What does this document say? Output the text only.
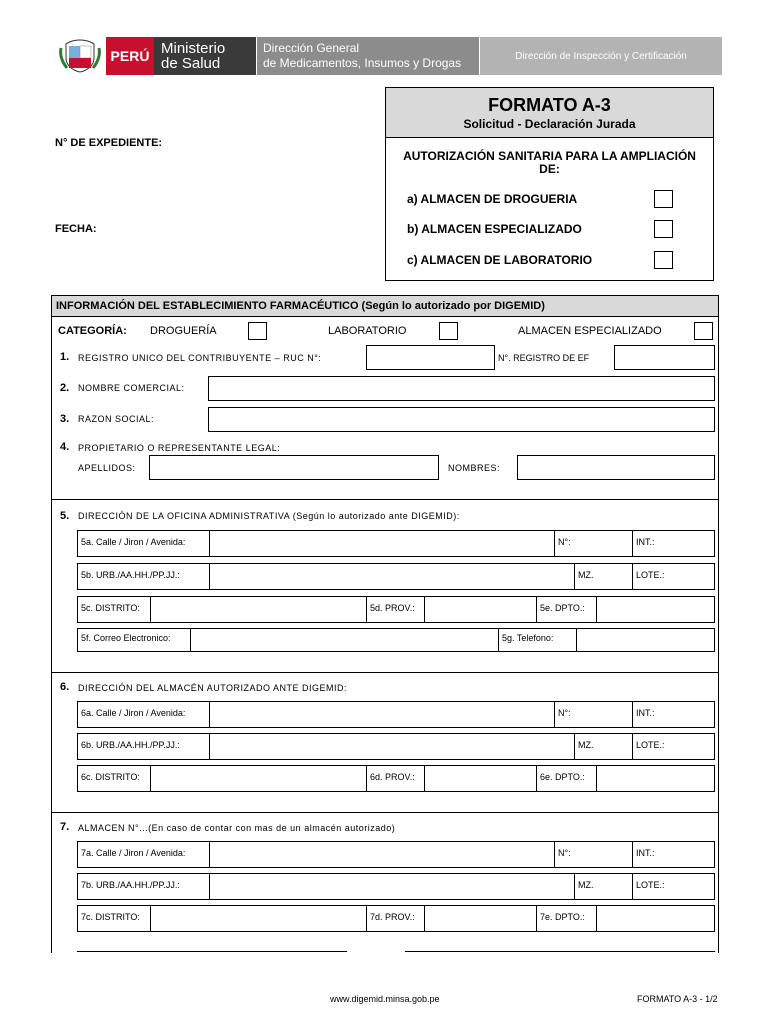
PERÚ Ministerio
de Salud
Dirección General
de Medicamentos, Insumos y Drogas	Dirección de Inspección y Certificación
N° DE EXPEDIENTE:
FECHA:
FORMATO A-3
Solicitud - Declaración Jurada
AUTORIZACIÓN SANITARIA PARA LA AMPLIACIÓN DE:
a) ALMACEN DE DROGUERIA
b) ALMACEN ESPECIALIZADO
c) ALMACEN DE LABORATORIO
INFORMACIÓN DEL ESTABLECIMIENTO FARMACÉUTICO (Según lo autorizado por DIGEMID)
CATEGORÍA: DROGUERÍA	LABORATORIO	ALMACEN ESPECIALIZADO
1. REGISTRO UNICO DEL CONTRIBUYENTE – RUC N°:	N°. REGISTRO DE EF
2. NOMBRE COMERCIAL:
3. RAZON SOCIAL:
4. PROPIETARIO O REPRESENTANTE LEGAL:
APELLIDOS:	NOMBRES:
5. DIRECCIÓN DE LA OFICINA ADMINISTRATIVA (Según lo autorizado ante DIGEMID):
5a. Calle / Jiron / Avenida:	N°:	INT.:
5b. URB./AA.HH./PP.JJ.:	MZ.	LOTE.:
5c. DISTRITO:	5d. PROV.:	5e. DPTO.:
5f. Correo Electronico:	5g. Telefono:
6. DIRECCIÓN DEL ALMACÉN AUTORIZADO ANTE DIGEMID:
6a. Calle / Jiron / Avenida:	N°:	INT.:
6b. URB./AA.HH./PP.JJ.:	MZ.	LOTE.:
6c. DISTRITO:	6d. PROV.:	6e. DPTO.:
7. ALMACEN N°...(En caso de contar con mas de un almacén autorizado)
7a. Calle / Jiron / Avenida:	N°:	INT.:
7b. URB./AA.HH./PP.JJ.:	MZ.	LOTE.:
7c. DISTRITO:	7d. PROV.:	7e. DPTO.:
www.digemid.minsa.gob.pe	FORMATO A-3 - 1/2
